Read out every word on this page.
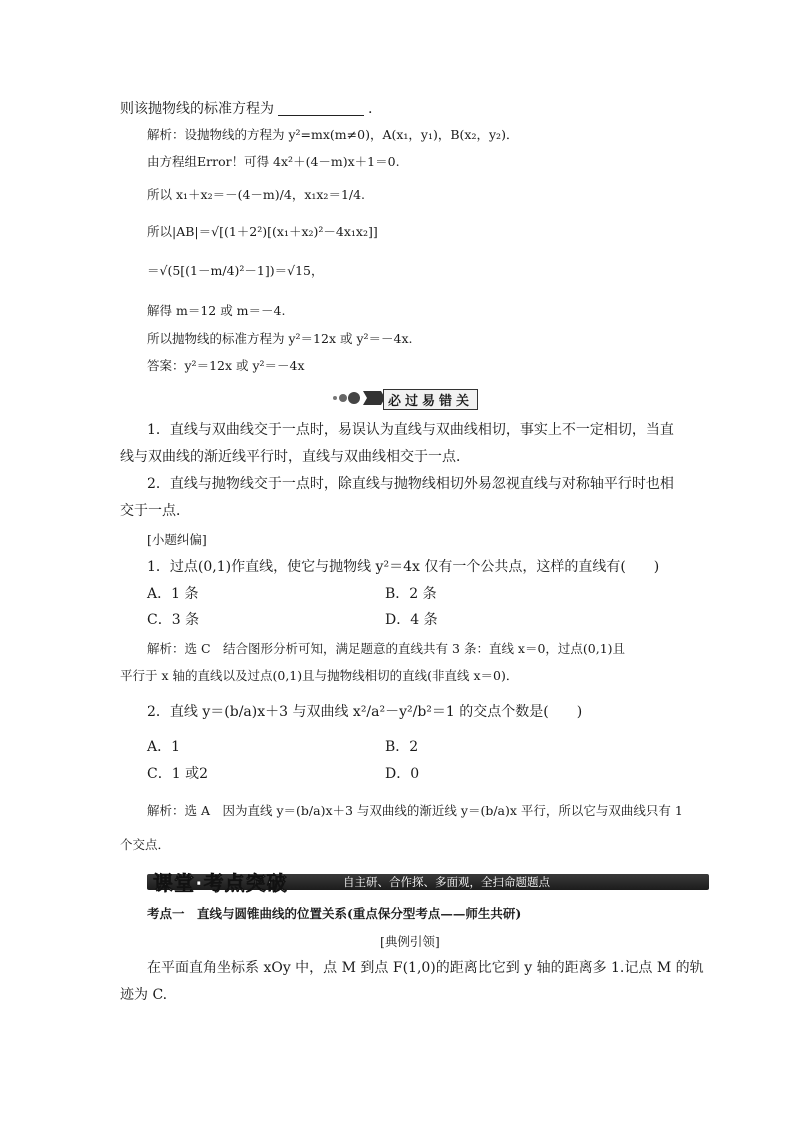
则该抛物线的标准方程为	.
解析：设抛物线的方程为 y²=mx(m≠0)，A(x₁，y₁)，B(x₂，y₂)．
由方程组Error！可得 4x²＋(4－m)x＋1＝0.
所以 x₁＋x₂＝－(4－m)/4，x₁x₂＝1/4.
所以|AB|＝√[(1＋2²)[(x₁＋x₂)²－4x₁x₂]]
＝√(5[(1－m/4)²－1])＝√15，
解得 m＝12 或 m＝－4.
所以抛物线的标准方程为 y²＝12x 或 y²＝－4x.
答案：y²＝12x 或 y²＝－4x
必过易错关
1．直线与双曲线交于一点时，易误认为直线与双曲线相切，事实上不一定相切，当直
线与双曲线的渐近线平行时，直线与双曲线相交于一点．
2．直线与抛物线交于一点时，除直线与抛物线相切外易忽视直线与对称轴平行时也相
交于一点．
[小题纠偏]
1．过点(0,1)作直线，使它与抛物线 y²＝4x 仅有一个公共点，这样的直线有(　　)
A．1 条	B．2 条
C．3 条	D．4 条
解析：选 C　结合图形分析可知，满足题意的直线共有 3 条：直线 x＝0，过点(0,1)且
平行于 x 轴的直线以及过点(0,1)且与抛物线相切的直线(非直线 x＝0)．
2．直线 y＝(b/a)x＋3 与双曲线 x²/a²－y²/b²＝1 的交点个数是(　　)
A．1	B．2
C．1 或2	D．0
解析：选 A　因为直线 y＝(b/a)x＋3 与双曲线的渐近线 y＝(b/a)x 平行，所以它与双曲线只有 1
个交点．
课堂·考点突破	自主研、合作探、多面观，全扫命题题点
考点一　直线与圆锥曲线的位置关系(重点保分型考点——师生共研)
[典例引领]
在平面直角坐标系 xOy 中，点 M 到点 F(1,0)的距离比它到 y 轴的距离多 1.记点 M 的轨
迹为 C.
